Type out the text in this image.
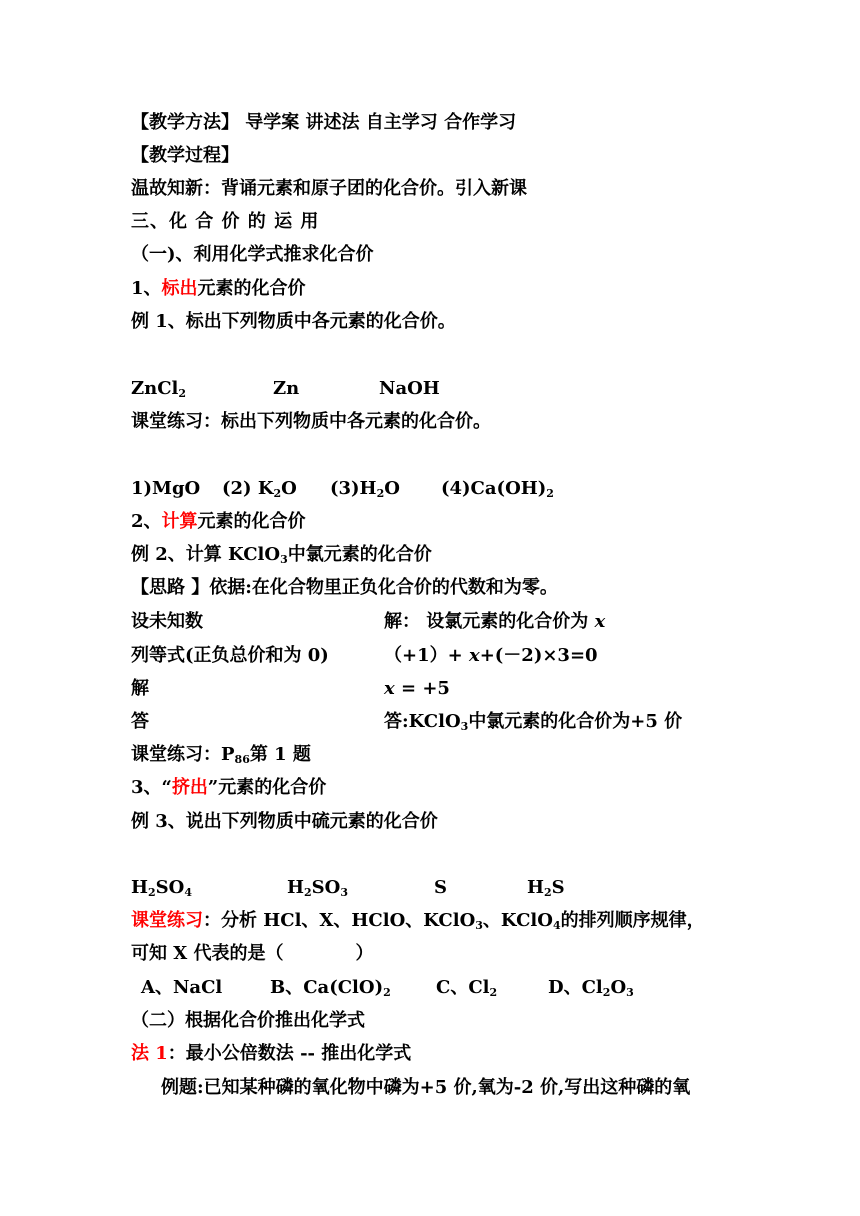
【教学方法】 导学案 讲述法 自主学习 合作学习
【教学过程】
温故知新：背诵元素和原子团的化合价。引入新课
三、化 合 价 的 运 用
（一)、利用化学式推求化合价
1、标出元素的化合价
例 1、标出下列物质中各元素的化合价。
ZnCl$_2$	Zn	NaOH
课堂练习：标出下列物质中各元素的化合价。
1)MgO (2) $K_2O$ $(3)H_2O$ $(4)Ca(OH)_2$
2、计算元素的化合价
例 2、计算 KClO$_3$中氯元素的化合价
【思路 】依据:在化合物里正负化合价的代数和为零。
设未知数	解： 设氯元素的化合价为 x
列等式(正负总价和为 0)	（+1）+ x+(－2)×3=0
解	x = +5
答	答:KClO$_3$中氯元素的化合价为+5 价
课堂练习：$P_{86}$第 1 题
3、“挤出”元素的化合价
例 3、说出下列物质中硫元素的化合价
$H_2SO_4$	$H_2SO_3$	S	$H_2S$
课堂练习：分析 HCl、X、HClO、KClO$_3$、KClO$_4$的排列顺序规律，
可知 X 代表的是（　　　　）
A、NaCl	B、$Ca(ClO)_2$	C、$Cl_2$	D、$Cl_2O_3$
（二）根据化合价推出化学式
法 1：最小公倍数法 -- 推出化学式
例题:已知某种磷的氧化物中磷为+5 价,氧为-2 价,写出这种磷的氧
